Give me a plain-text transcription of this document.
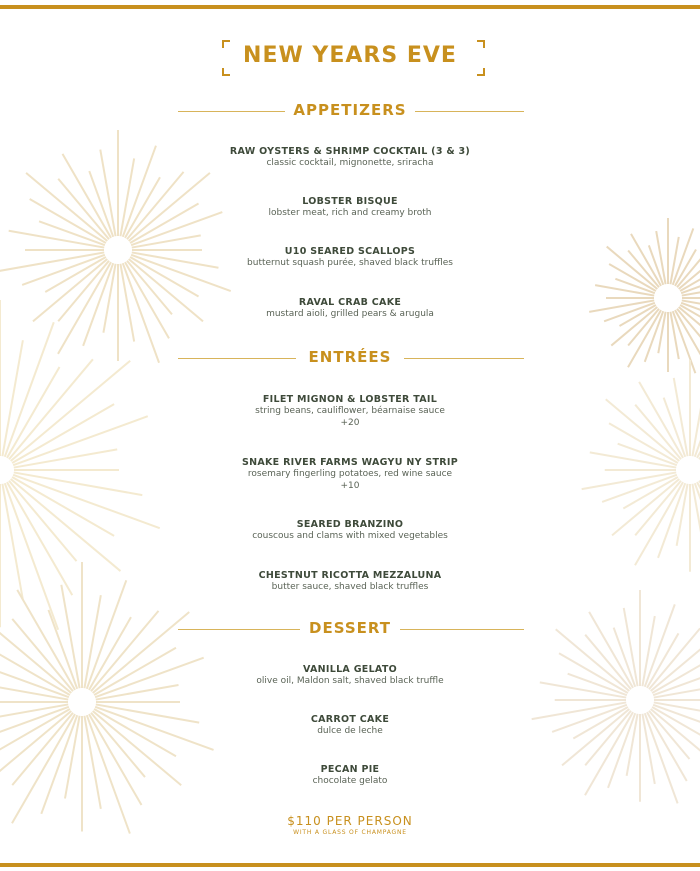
NEW YEARS EVE
APPETIZERS
RAW OYSTERS & SHRIMP COCKTAIL (3 & 3)
classic cocktail, mignonette, sriracha
LOBSTER BISQUE
lobster meat, rich and creamy broth
U10 SEARED SCALLOPS
butternut squash purée, shaved black truffles
RAVAL CRAB CAKE
mustard aioli, grilled pears & arugula
ENTRÉES
FILET MIGNON & LOBSTER TAIL
string beans, cauliflower, béarnaise sauce
+20
SNAKE RIVER FARMS WAGYU NY STRIP
rosemary fingerling potatoes, red wine sauce
+10
SEARED BRANZINO
couscous and clams with mixed vegetables
CHESTNUT RICOTTA MEZZALUNA
butter sauce, shaved black truffles
DESSERT
VANILLA GELATO
olive oil, Maldon salt, shaved black truffle
CARROT CAKE
dulce de leche
PECAN PIE
chocolate gelato
$110 PER PERSON
WITH A GLASS OF CHAMPAGNE
